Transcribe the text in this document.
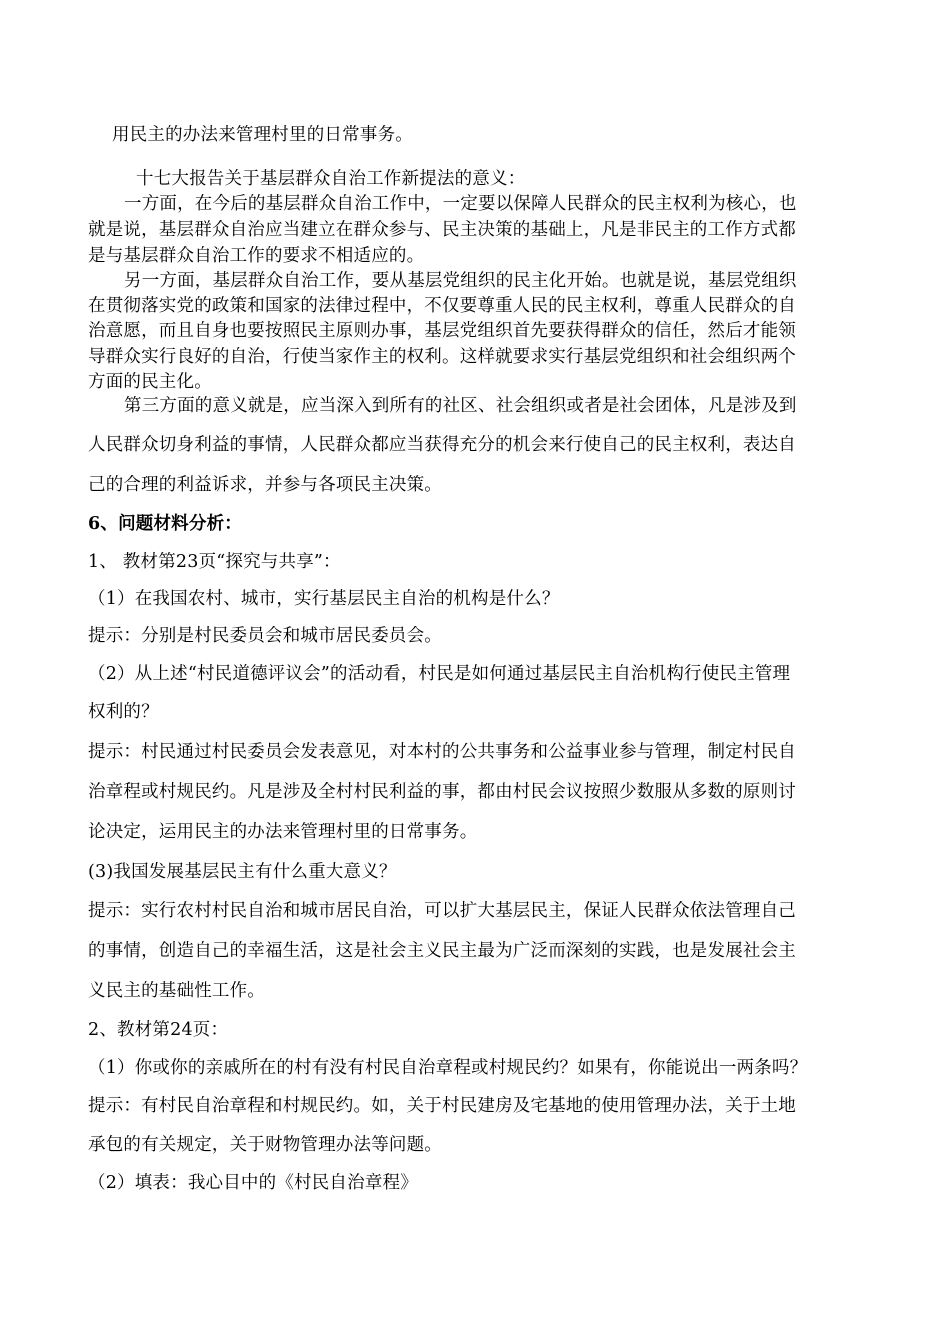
用民主的办法来管理村里的日常事务。
十七大报告关于基层群众自治工作新提法的意义：
一方面，在今后的基层群众自治工作中，一定要以保障人民群众的民主权利为核心，也
就是说，基层群众自治应当建立在群众参与、民主决策的基础上，凡是非民主的工作方式都
是与基层群众自治工作的要求不相适应的。
另一方面，基层群众自治工作，要从基层党组织的民主化开始。也就是说，基层党组织
在贯彻落实党的政策和国家的法律过程中，不仅要尊重人民的民主权利，尊重人民群众的自
治意愿，而且自身也要按照民主原则办事，基层党组织首先要获得群众的信任，然后才能领
导群众实行良好的自治，行使当家作主的权利。这样就要求实行基层党组织和社会组织两个
方面的民主化。
第三方面的意义就是，应当深入到所有的社区、社会组织或者是社会团体，凡是涉及到
人民群众切身利益的事情，人民群众都应当获得充分的机会来行使自己的民主权利，表达自
己的合理的利益诉求，并参与各项民主决策。
6、问题材料分析：
1、 教材第23页“探究与共享”：
（1）在我国农村、城市，实行基层民主自治的机构是什么？
提示：分别是村民委员会和城市居民委员会。
（2）从上述“村民道德评议会”的活动看，村民是如何通过基层民主自治机构行使民主管理
权利的？
提示：村民通过村民委员会发表意见，对本村的公共事务和公益事业参与管理，制定村民自
治章程或村规民约。凡是涉及全村村民利益的事，都由村民会议按照少数服从多数的原则讨
论决定，运用民主的办法来管理村里的日常事务。
(3)我国发展基层民主有什么重大意义？
提示：实行农村村民自治和城市居民自治，可以扩大基层民主，保证人民群众依法管理自己
的事情，创造自己的幸福生活，这是社会主义民主最为广泛而深刻的实践，也是发展社会主
义民主的基础性工作。
2、教材第24页：
（1）你或你的亲戚所在的村有没有村民自治章程或村规民约？如果有，你能说出一两条吗？
提示：有村民自治章程和村规民约。如，关于村民建房及宅基地的使用管理办法，关于土地
承包的有关规定，关于财物管理办法等问题。
（2）填表：我心目中的《村民自治章程》
